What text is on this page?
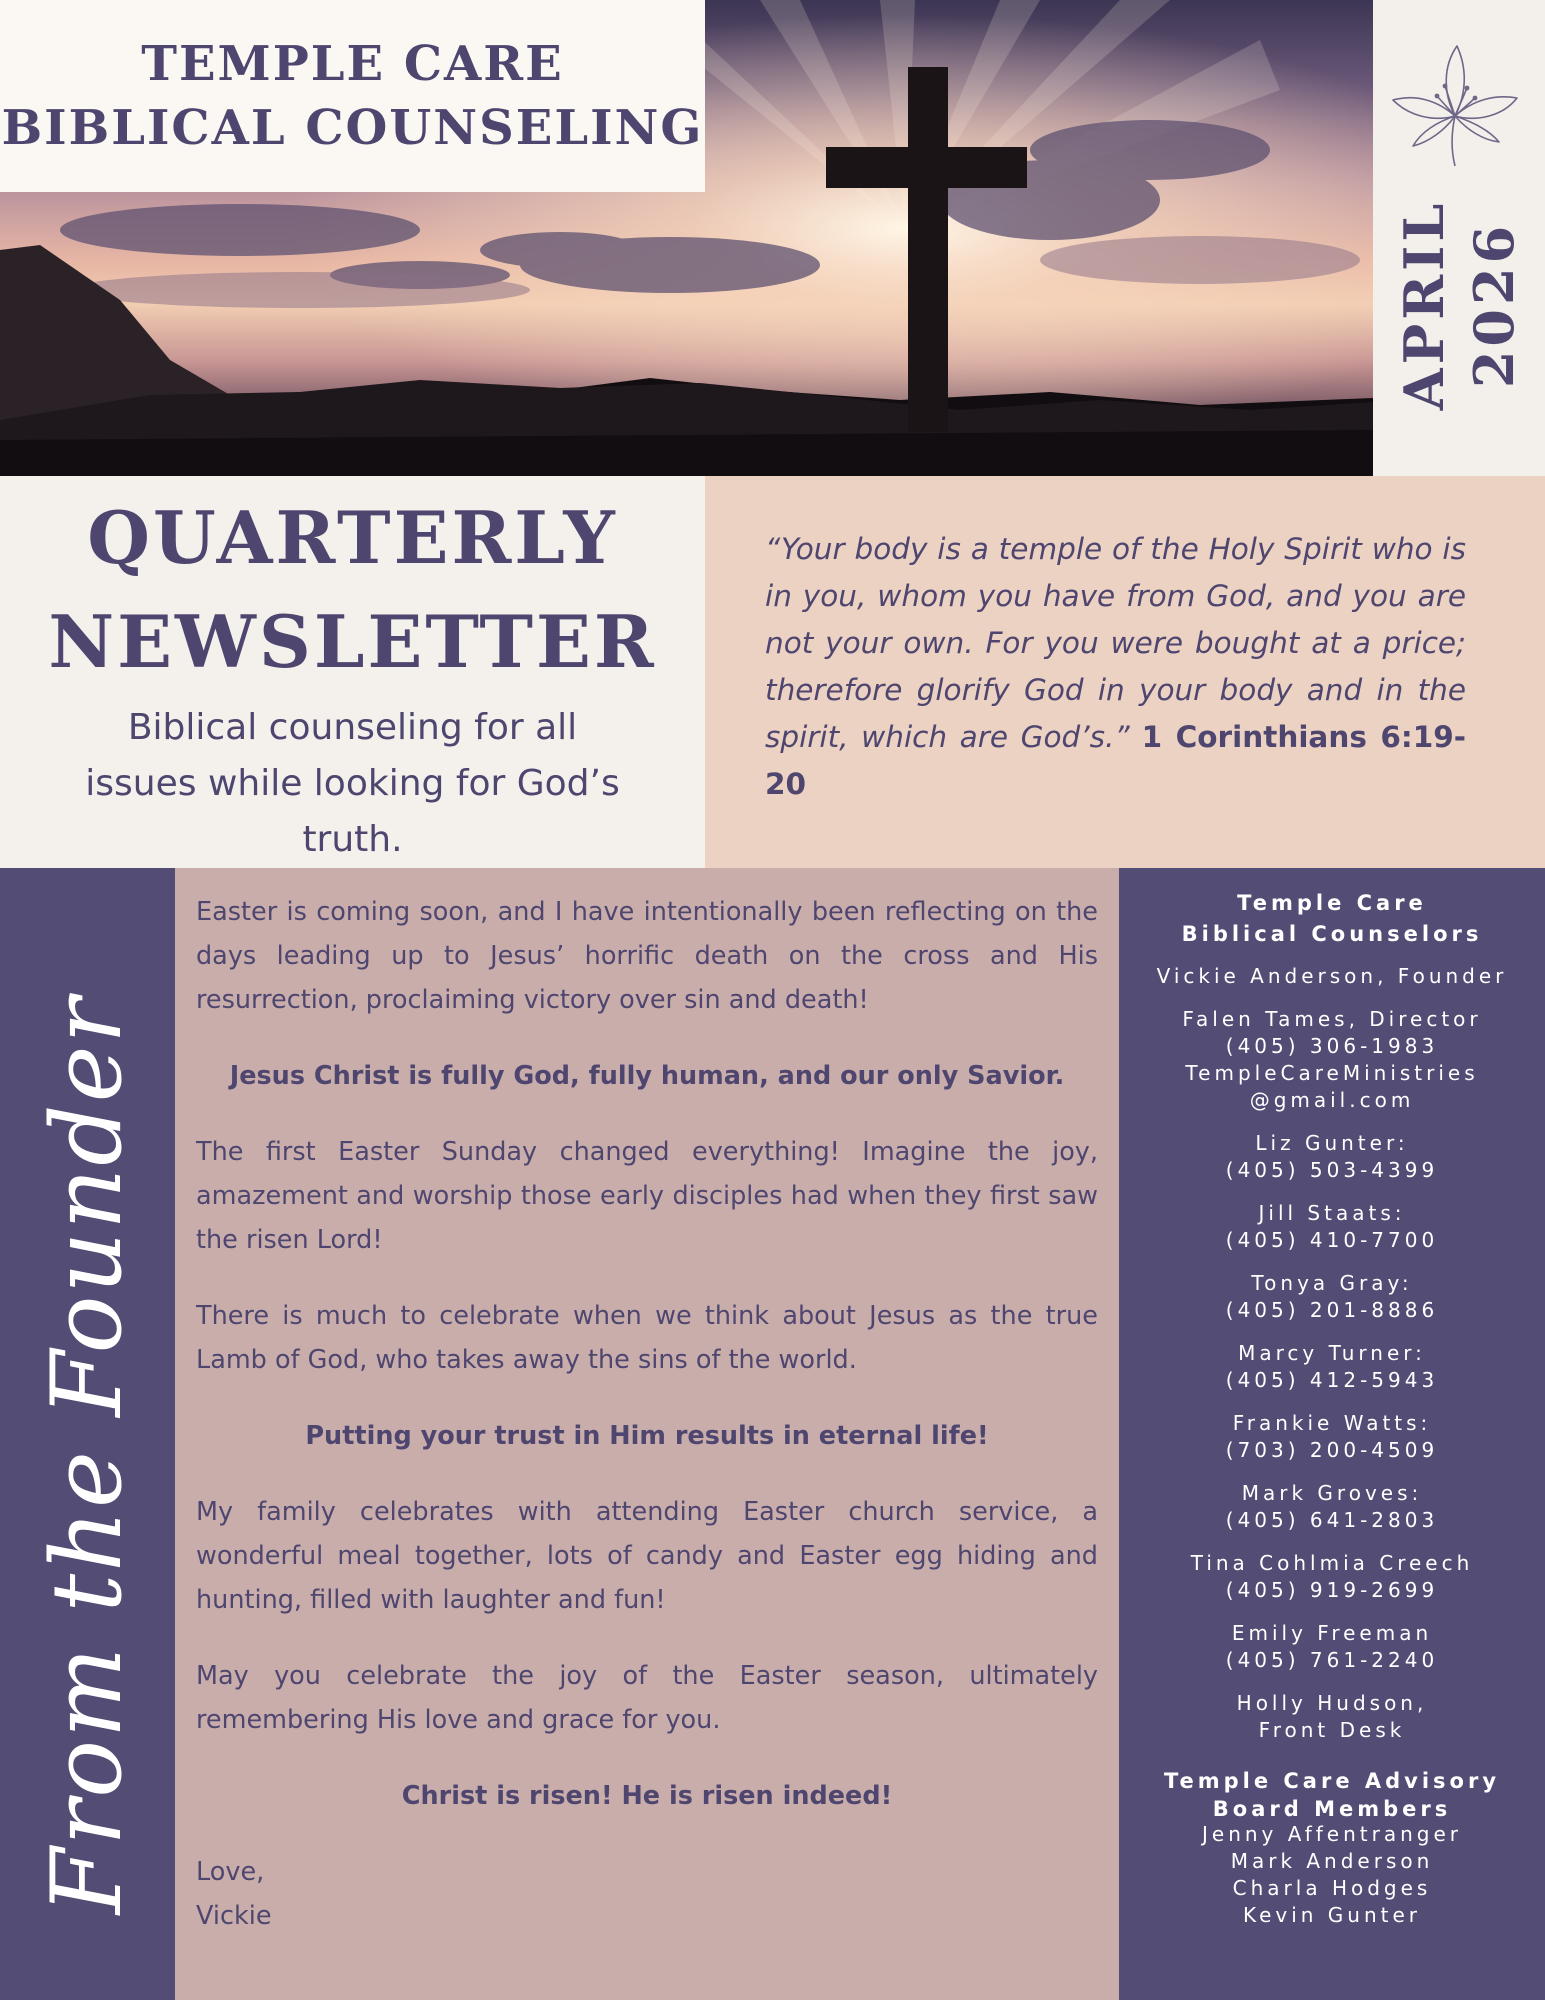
TEMPLE CARE
BIBLICAL COUNSELING
APRIL 2026
QUARTERLY
NEWSLETTER
Biblical counseling for all issues while looking for God’s truth.

“Your body is a temple of the Holy Spirit who is in you, whom you have from God, and you are not your own. For you were bought at a price; therefore glorify God in your body and in the spirit, which are God’s.” 1 Corinthians 6:19-20

From the Founder

Easter is coming soon, and I have intentionally been reflecting on the days leading up to Jesus’ horrific death on the cross and His resurrection, proclaiming victory over sin and death!

Jesus Christ is fully God, fully human, and our only Savior.

The first Easter Sunday changed everything! Imagine the joy, amazement and worship those early disciples had when they first saw the risen Lord!

There is much to celebrate when we think about Jesus as the true Lamb of God, who takes away the sins of the world.

Putting your trust in Him results in eternal life!

My family celebrates with attending Easter church service, a wonderful meal together, lots of candy and Easter egg hiding and hunting, filled with laughter and fun!

May you celebrate the joy of the Easter season, ultimately remembering His love and grace for you.

Christ is risen! He is risen indeed!

Love,
Vickie

Temple Care
Biblical Counselors
Vickie Anderson, Founder
Falen Tames, Director
(405) 306-1983
TempleCareMinistries
@gmail.com
Liz Gunter:
(405) 503-4399
Jill Staats:
(405) 410-7700
Tonya Gray:
(405) 201-8886
Marcy Turner:
(405) 412-5943
Frankie Watts:
(703) 200-4509
Mark Groves:
(405) 641-2803
Tina Cohlmia Creech
(405) 919-2699
Emily Freeman
(405) 761-2240
Holly Hudson,
Front Desk
Temple Care Advisory
Board Members
Jenny Affentranger
Mark Anderson
Charla Hodges
Kevin Gunter
